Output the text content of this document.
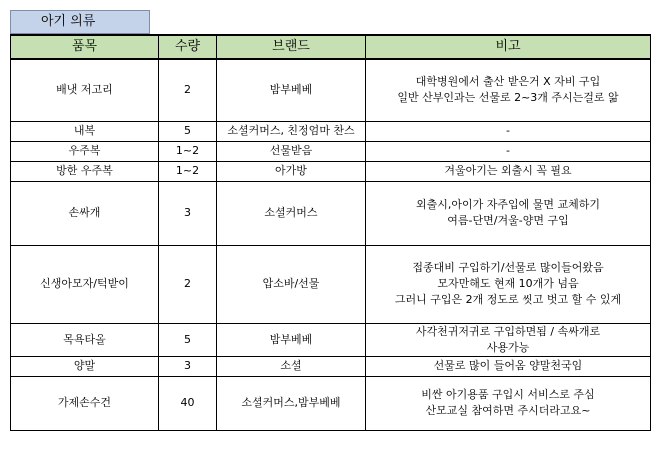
아기 의류
품목	수량	브랜드	비고
배냇 저고리	2	밤부베베	대학병원에서 출산 받은거 X 자비 구입
일반 산부인과는 선물로 2~3개 주시는걸로 앎

내복	5	소셜커머스, 친정엄마 찬스	-

우주복	1~2	선물받음	-

방한 우주복	1~2	아가방	겨울아기는 외출시 꼭 필요

손싸개	3	소셜커머스	외출시,아이가 자주입에 물면 교체하기
여름-단면/겨울-양면 구입

신생아모자/턱받이	2	압소바/선물	접종대비 구입하기/선물로 많이들어왔음
모자만해도 현재 10개가 넘음
그러니 구입은 2개 정도로 씻고 벗고 할 수 있게

목욕타올	5	밤부베베	사각천귀저귀로 구입하면됨 / 속싸개로
사용가능

양말	3	소셜	선물로 많이 들어옴 양말천국임

가제손수건	40	소셜커머스,밤부베베	비싼 아기용품 구입시 서비스로 주심
산모교실 참여하면 주시더라고요~
